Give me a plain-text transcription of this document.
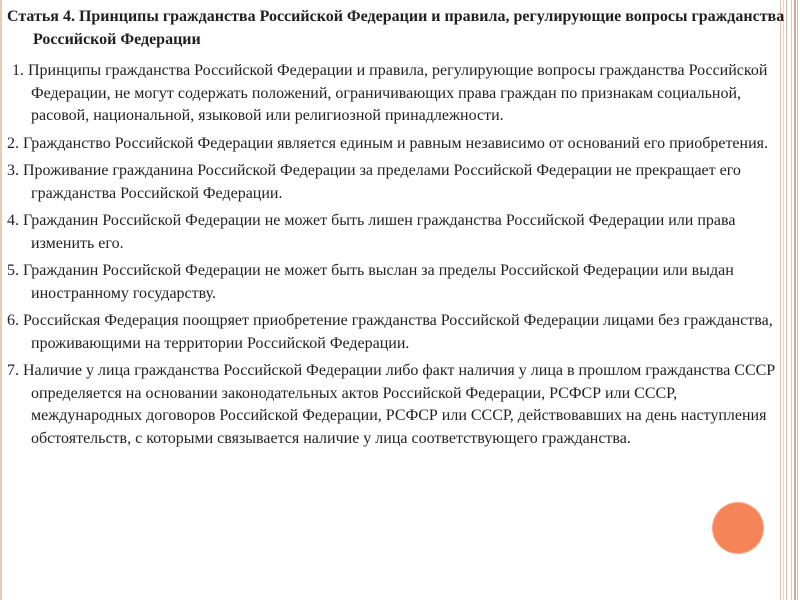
Статья 4. Принципы гражданства Российской Федерации и правила, регулирующие вопросы гражданства Российской Федерации
1. Принципы гражданства Российской Федерации и правила, регулирующие вопросы гражданства Российской Федерации, не могут содержать положений, ограничивающих права граждан по признакам социальной, расовой, национальной, языковой или религиозной принадлежности.
2. Гражданство Российской Федерации является единым и равным независимо от оснований его приобретения.
3. Проживание гражданина Российской Федерации за пределами Российской Федерации не прекращает его гражданства Российской Федерации.
4. Гражданин Российской Федерации не может быть лишен гражданства Российской Федерации или права изменить его.
5. Гражданин Российской Федерации не может быть выслан за пределы Российской Федерации или выдан иностранному государству.
6. Российская Федерация поощряет приобретение гражданства Российской Федерации лицами без гражданства, проживающими на территории Российской Федерации.
7. Наличие у лица гражданства Российской Федерации либо факт наличия у лица в прошлом гражданства СССР определяется на основании законодательных актов Российской Федерации, РСФСР или СССР, международных договоров Российской Федерации, РСФСР или СССР, действовавших на день наступления обстоятельств, с которыми связывается наличие у лица соответствующего гражданства.
